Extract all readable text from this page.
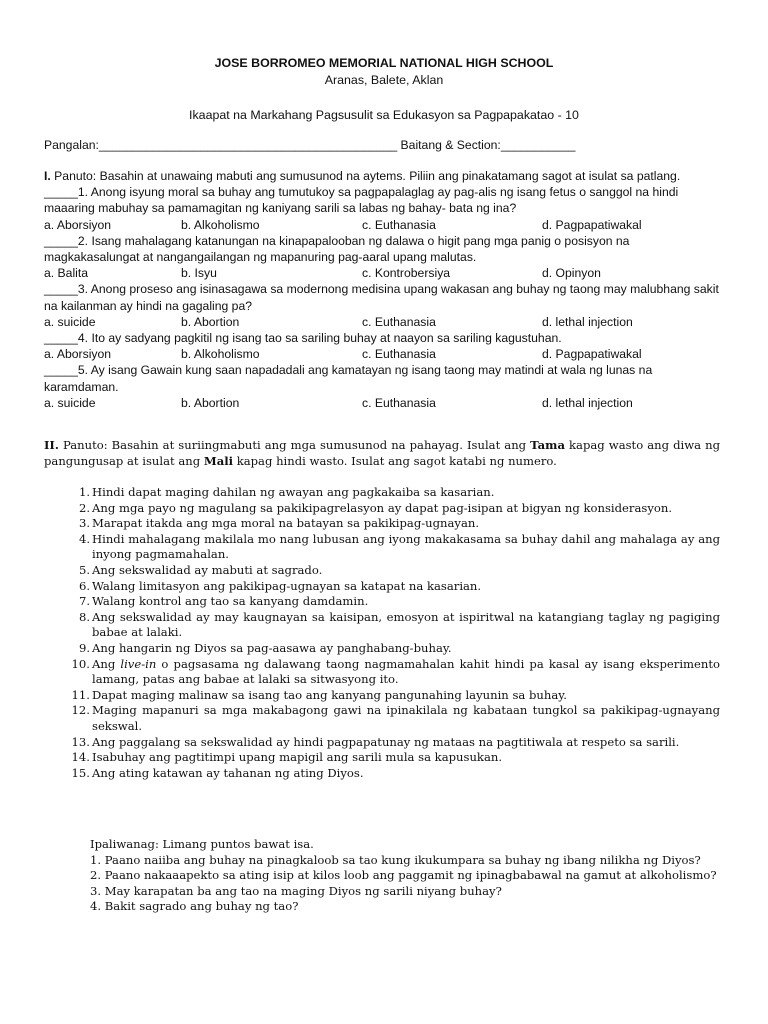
JOSE BORROMEO MEMORIAL NATIONAL HIGH SCHOOL
Aranas, Balete, Aklan
Ikaapat na Markahang Pagsusulit sa Edukasyon sa Pagpapakatao - 10
Pangalan:____________________________________________ Baitang & Section:___________
I. Panuto: Basahin at unawaing mabuti ang sumusunod na aytems. Piliin ang pinakatamang sagot at isulat sa patlang.
_____1. Anong isyung moral sa buhay ang tumutukoy sa pagpapalaglag ay pag-alis ng isang fetus o sanggol na hindi maaaring mabuhay sa pamamagitan ng kaniyang sarili sa labas ng bahay- bata ng ina?
a. Aborsiyon	b. Alkoholismo	c. Euthanasia	d. Pagpapatiwakal
_____2. Isang mahalagang katanungan na kinapapalooban ng dalawa o higit pang mga panig o posisyon na magkakasalungat at nangangailangan ng mapanuring pag-aaral upang malutas.
a. Balita	b. Isyu	c. Kontrobersiya	d. Opinyon
_____3. Anong proseso ang isinasagawa sa modernong medisina upang wakasan ang buhay ng taong may malubhang sakit na kailanman ay hindi na gagaling pa?
a. suicide	b. Abortion	c. Euthanasia	d. lethal injection
_____4. Ito ay sadyang pagkitil ng isang tao sa sariling buhay at naayon sa sariling kagustuhan.
a. Aborsiyon	b. Alkoholismo	c. Euthanasia	d. Pagpapatiwakal
_____5. Ay isang Gawain kung saan napadadali ang kamatayan ng isang taong may matindi at wala ng lunas na karamdaman.
a. suicide	b. Abortion	c. Euthanasia	d. lethal injection
II. Panuto: Basahin at suriingmabuti ang mga sumusunod na pahayag. Isulat ang Tama kapag wasto ang diwa ng pangungusap at isulat ang Mali kapag hindi wasto. Isulat ang sagot katabi ng numero.
1. Hindi dapat maging dahilan ng awayan ang pagkakaiba sa kasarian.
2. Ang mga payo ng magulang sa pakikipagrelasyon ay dapat pag-isipan at bigyan ng konsiderasyon.
3. Marapat itakda ang mga moral na batayan sa pakikipag-ugnayan.
4. Hindi mahalagang makilala mo nang lubusan ang iyong makakasama sa buhay dahil ang mahalaga ay ang inyong pagmamahalan.
5. Ang sekswalidad ay mabuti at sagrado.
6. Walang limitasyon ang pakikipag-ugnayan sa katapat na kasarian.
7. Walang kontrol ang tao sa kanyang damdamin.
8. Ang sekswalidad ay may kaugnayan sa kaisipan, emosyon at ispiritwal na katangiang taglay ng pagiging babae at lalaki.
9. Ang hangarin ng Diyos sa pag-aasawa ay panghabang-buhay.
10. Ang live-in o pagsasama ng dalawang taong nagmamahalan kahit hindi pa kasal ay isang eksperimento lamang, patas ang babae at lalaki sa sitwasyong ito.
11. Dapat maging malinaw sa isang tao ang kanyang pangunahing layunin sa buhay.
12. Maging mapanuri sa mga makabagong gawi na ipinakilala ng kabataan tungkol sa pakikipag-ugnayang sekswal.
13. Ang paggalang sa sekswalidad ay hindi pagpapatunay ng mataas na pagtitiwala at respeto sa sarili.
14. Isabuhay ang pagtitimpi upang mapigil ang sarili mula sa kapusukan.
15. Ang ating katawan ay tahanan ng ating Diyos.
Ipaliwanag: Limang puntos bawat isa.
1. Paano naiiba ang buhay na pinagkaloob sa tao kung ikukumpara sa buhay ng ibang nilikha ng Diyos?
2. Paano nakaaapekto sa ating isip at kilos loob ang paggamit ng ipinagbabawal na gamut at alkoholismo?
3. May karapatan ba ang tao na maging Diyos ng sarili niyang buhay?
4. Bakit sagrado ang buhay ng tao?
